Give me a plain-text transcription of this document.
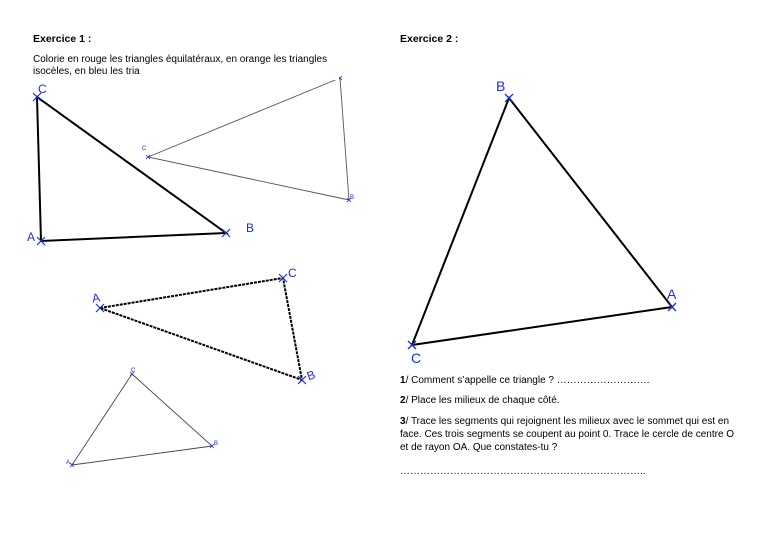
Exercice 1 :
Colorie en rouge les triangles équilatéraux, en orange les triangles
isocèles, en bleu les tria
Exercice 2 :
C
A
B
C
B
A
C
B
C
B
A
B
A
C
1/ Comment s’appelle ce triangle ? ……………………….
2/ Place les milieux de chaque côté.
3/ Trace les segments qui rejoignent les milieux avec le sommet qui est en face. Ces trois segments se coupent au point 0. Trace le cercle de centre O et de rayon OA. Que constates-tu ?
………………………………………………………………..
